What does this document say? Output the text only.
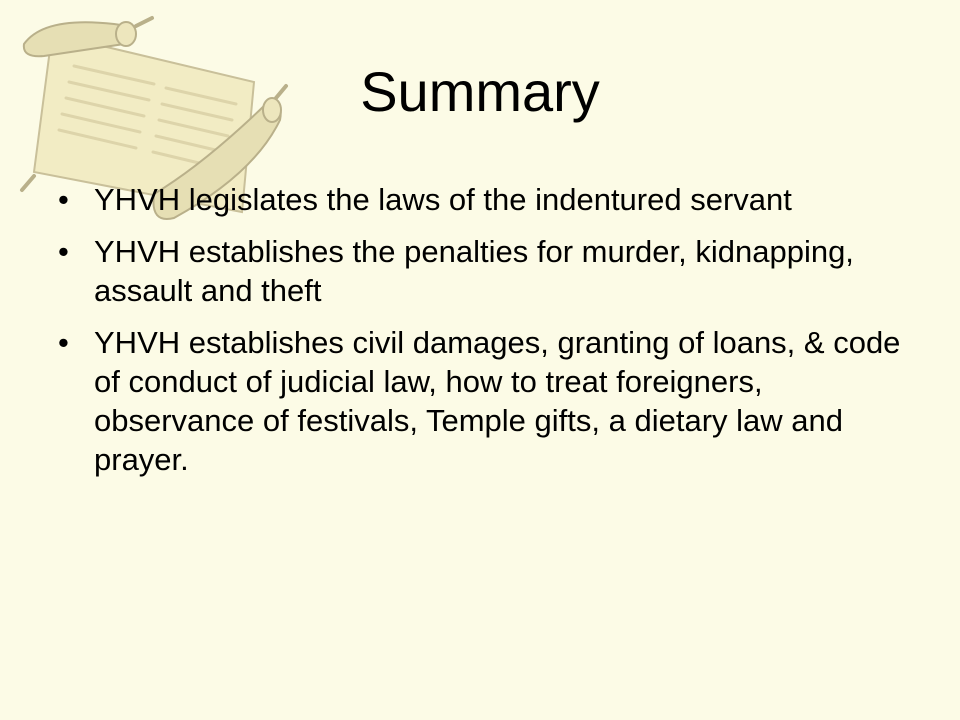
Summary
• YHVH legislates the laws of the indentured servant
• YHVH establishes the penalties for murder, kidnapping, assault and theft
• YHVH establishes civil damages, granting of loans, & code of conduct of judicial law, how to treat foreigners, observance of festivals, Temple gifts, a dietary law and prayer.
